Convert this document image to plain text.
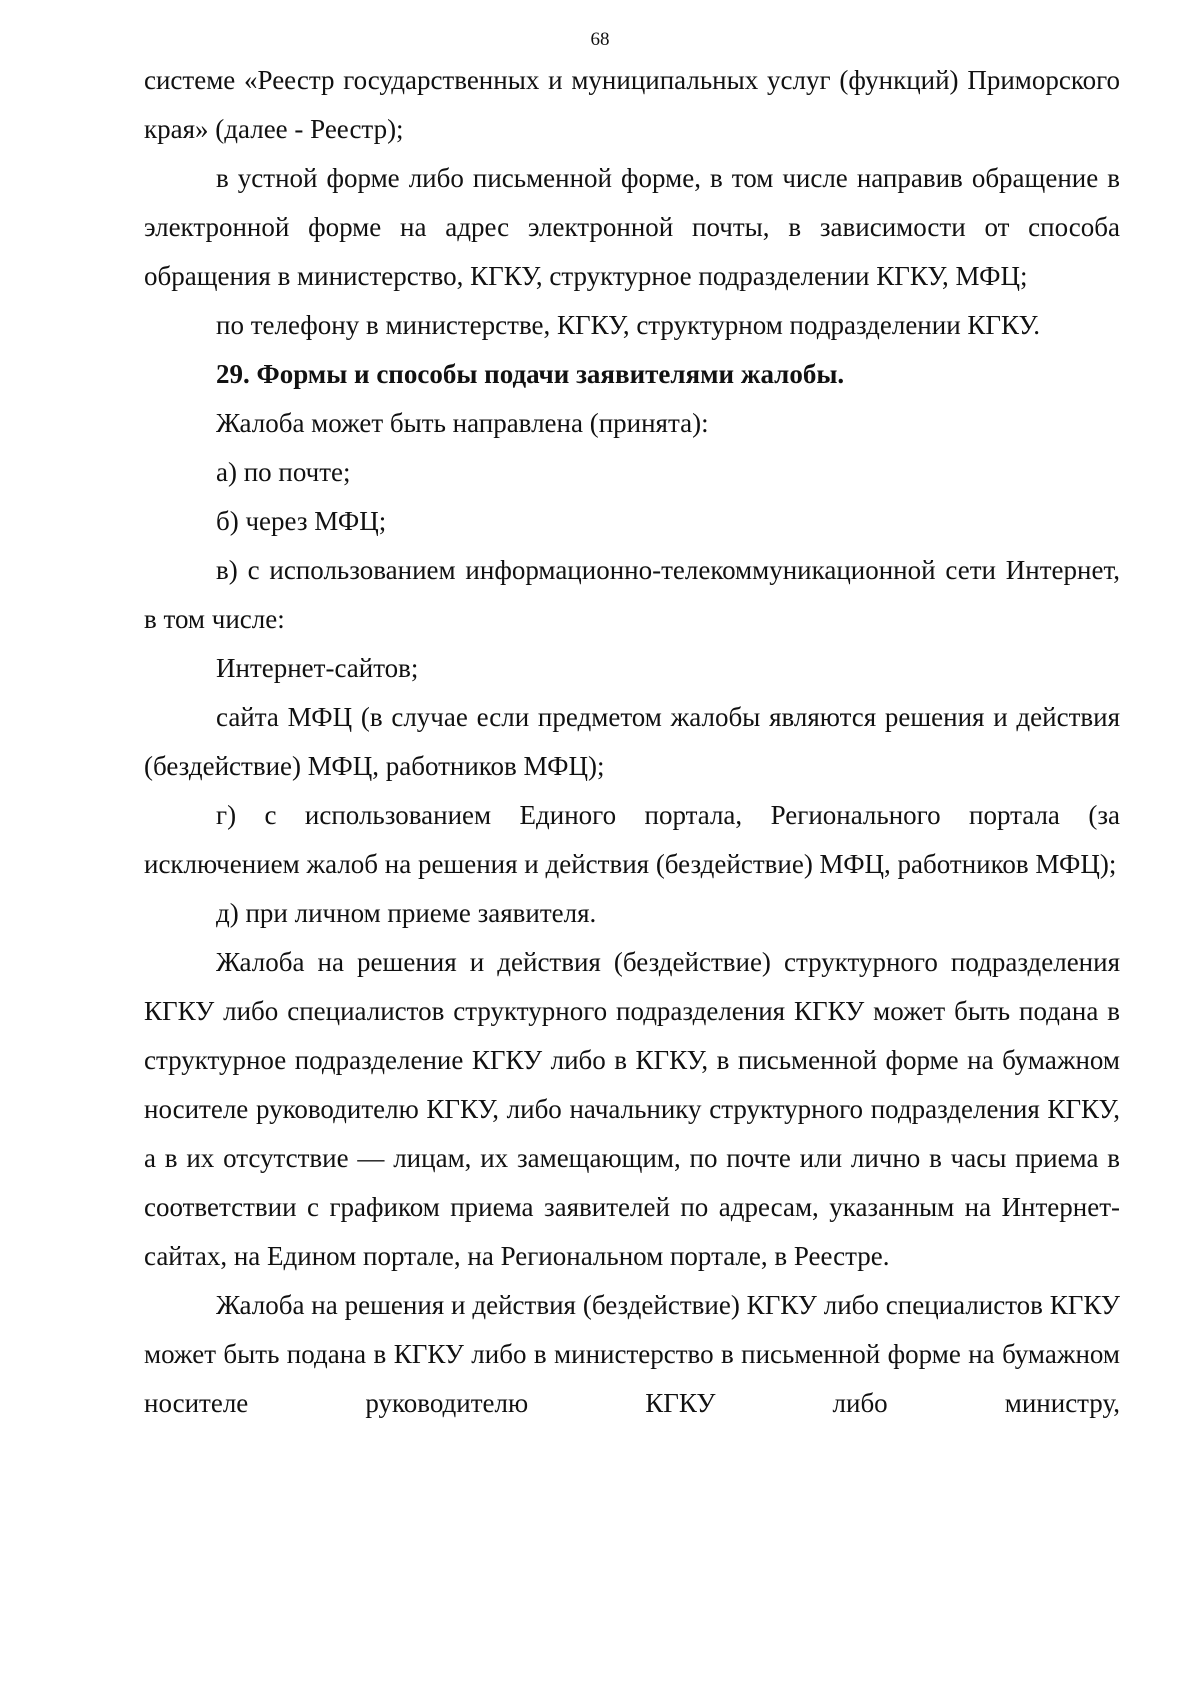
68

системе «Реестр государственных и муниципальных услуг (функций) Приморского края» (далее - Реестр);

в устной форме либо письменной форме, в том числе направив обращение в электронной форме на адрес электронной почты, в зависимости от способа обращения в министерство, КГКУ, структурное подразделении КГКУ, МФЦ;

по телефону в министерстве, КГКУ, структурном подразделении КГКУ.

29. Формы и способы подачи заявителями жалобы.

Жалоба может быть направлена (принята):

а) по почте;

б) через МФЦ;

в) с использованием информационно-телекоммуникационной сети Интернет, в том числе:

Интернет-сайтов;

сайта МФЦ (в случае если предметом жалобы являются решения и действия (бездействие) МФЦ, работников МФЦ);

г) с использованием Единого портала, Регионального портала (за исключением жалоб на решения и действия (бездействие) МФЦ, работников МФЦ);

д) при личном приеме заявителя.

Жалоба на решения и действия (бездействие) структурного подразделения КГКУ либо специалистов структурного подразделения КГКУ может быть подана в структурное подразделение КГКУ либо в КГКУ, в письменной форме на бумажном носителе руководителю КГКУ, либо начальнику структурного подразделения КГКУ, а в их отсутствие — лицам, их замещающим, по почте или лично в часы приема в соответствии с графиком приема заявителей по адресам, указанным на Интернет-сайтах, на Едином портале, на Региональном портале, в Реестре.

Жалоба на решения и действия (бездействие) КГКУ либо специалистов КГКУ может быть подана в КГКУ либо в министерство в письменной форме на бумажном носителе руководителю КГКУ либо министру,
